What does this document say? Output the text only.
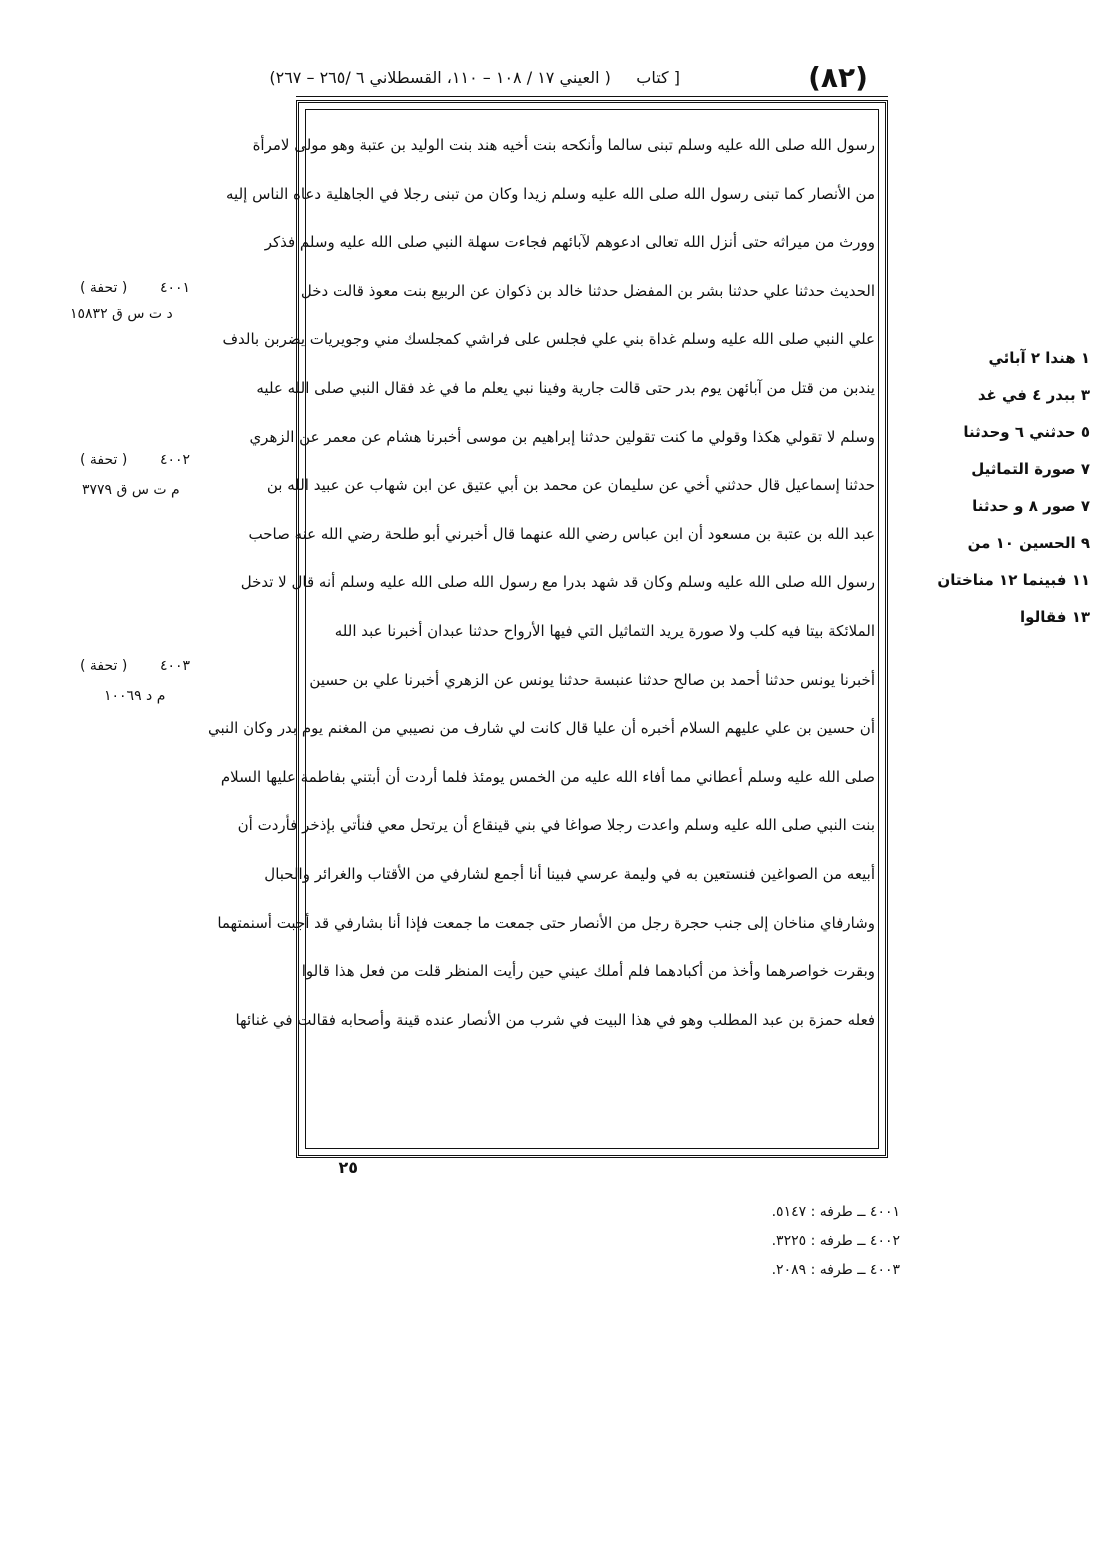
[ كتاب     ( العيني ١٧ / ١٠٨ – ١١٠، القسطلاني ٦ /٢٦٥ – ٢٦٧)	(٨٢)
رسول الله صلى الله عليه وسلم تبنى سالما وأنكحه بنت أخيه هند بنت الوليد بن عتبة وهو مولى لامرأة
من الأنصار كما تبنى رسول الله صلى الله عليه وسلم زيدا وكان من تبنى رجلا في الجاهلية دعاه الناس إليه
وورث من ميراثه حتى أنزل الله تعالى ادعوهم لآبائهم فجاءت سهلة النبي صلى الله عليه وسلم فذكر
الحديث حدثنا علي حدثنا بشر بن المفضل حدثنا خالد بن ذكوان عن الربيع بنت معوذ قالت دخل
علي النبي صلى الله عليه وسلم غداة بني علي فجلس على فراشي كمجلسك مني وجويريات يضربن بالدف
يندبن من قتل من آبائهن يوم بدر حتى قالت جارية وفينا نبي يعلم ما في غد فقال النبي صلى الله عليه
وسلم لا تقولي هكذا وقولي ما كنت تقولين حدثنا إبراهيم بن موسى أخبرنا هشام عن معمر عن الزهري
حدثنا إسماعيل قال حدثني أخي عن سليمان عن محمد بن أبي عتيق عن ابن شهاب عن عبيد الله بن
عبد الله بن عتبة بن مسعود أن ابن عباس رضي الله عنهما قال أخبرني أبو طلحة رضي الله عنه صاحب
رسول الله صلى الله عليه وسلم وكان قد شهد بدرا مع رسول الله صلى الله عليه وسلم أنه قال لا تدخل
الملائكة بيتا فيه كلب ولا صورة يريد التماثيل التي فيها الأرواح حدثنا عبدان أخبرنا عبد الله
أخبرنا يونس حدثنا أحمد بن صالح حدثنا عنبسة حدثنا يونس عن الزهري أخبرنا علي بن حسين
أن حسين بن علي عليهم السلام أخبره أن عليا قال كانت لي شارف من نصيبي من المغنم يوم بدر وكان النبي
صلى الله عليه وسلم أعطاني مما أفاء الله عليه من الخمس يومئذ فلما أردت أن أبتني بفاطمة عليها السلام
بنت النبي صلى الله عليه وسلم واعدت رجلا صواغا في بني قينقاع أن يرتحل معي فنأتي بإذخر فأردت أن
أبيعه من الصواغين فنستعين به في وليمة عرسي فبينا أنا أجمع لشارفي من الأقتاب والغرائر والحبال
وشارفاي مناخان إلى جنب حجرة رجل من الأنصار حتى جمعت ما جمعت فإذا أنا بشارفي قد أجبت أسنمتهما
وبقرت خواصرهما وأخذ من أكبادهما فلم أملك عيني حين رأيت المنظر قلت من فعل هذا قالوا
فعله حمزة بن عبد المطلب وهو في هذا البيت في شرب من الأنصار عنده قينة وأصحابه فقالت في غنائها
٢٥
( تحفة ) ٤٠٠١
د ت س ق ١٥٨٣٢
( تحفة ) ٤٠٠٢
م ت س ق ٣٧٧٩
( تحفة ) ٤٠٠٣
م د ١٠٠٦٩
١ هندا ٢ آبائي
٣ ببدر ٤ في غد
٥ حدثني ٦ وحدثنا
٧ صورة التماثيل
٧ صور ٨ و حدثنا
٩ الحسين ١٠ من
١١ فبينما ١٢ مناختان
١٣ فقالوا
٤٠٠١ ــ طرفه : ٥١٤٧.
٤٠٠٢ ــ طرفه : ٣٢٢٥.
٤٠٠٣ ــ طرفه : ٢٠٨٩.
